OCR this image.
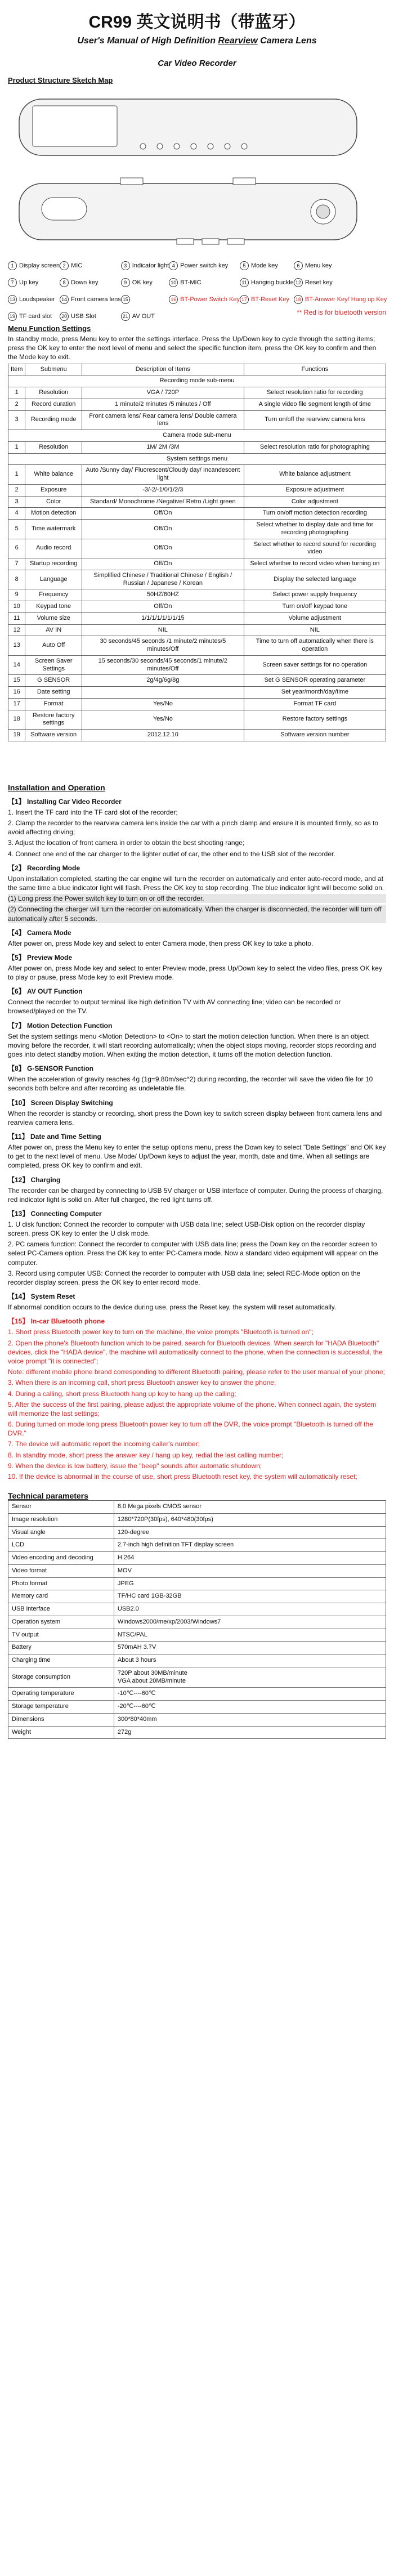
CR99 英文说明书（带蓝牙）
User's Manual of High Definition Rearview Camera Lens
Car Video Recorder
Product Structure Sketch Map
1 Display screen 2 MIC	3 Indicator light 4 Power switch key	5 Mode key	6 Menu key
7 Up key	8 Down key	9 OK key	10 BT-MIC	11 Hanging buckle 12 Reset key
13 Loudspeaker	14 Front camera lens 15	16 BT-Power Switch Key 17 BT-Reset Key	18 BT-Answer Key/ Hang up Key
19 TF card slot	20 USB Slot	21 AV OUT	** Red is for bluetooth version
Menu Function Settings

In standby mode, press Menu key to enter the settings interface. Press the Up/Down key to cycle through the setting items; press the OK key to enter the next level of menu and select the specific function item, press the OK key to confirm and then the Mode key to exit.

Item	Submenu	Description of Items	Functions
Recording mode sub-menu			
1	Resolution	VGA / 720P	Select resolution ratio for recording
2	Record duration	1 minute/2 minutes /5 minutes / Off	A single video file segment length of time
3	Recording mode	Front camera lens/ Rear camera lens/ Double camera lens	Turn on/off the rearview camera lens
Camera mode sub-menu			
1	Resolution	1M/ 2M /3M	Select resolution ratio for photographing
System settings menu			
1	White balance	Auto /Sunny day/ Fluorescent/Cloudy day/ Incandescent light	White balance adjustment
2	Exposure	-3/-2/-1/0/1/2/3	Exposure adjustment
3	Color	Standard/ Monochrome /Negative/ Retro /Light green	Color adjustment
4	Motion detection	Off/On	Turn on/off motion detection recording
5	Time watermark	Off/On	Select whether to display date and time for recording photographing
6	Audio record	Off/On	Select whether to record sound for recording video
7	Startup recording	Off/On	Select whether to record video when turning on
8	Language	Simplified Chinese / Traditional Chinese / English / Russian / Japanese / Korean	Display the selected language
9	Frequency	50HZ/60HZ	Select power supply frequency
10	Keypad tone	Off/On	Turn on/off keypad tone
11	Volume size	1/1/1/1/1/1/1/15	Volume adjustment
12	AV IN	NIL	NIL
13	Auto Off	30 seconds/45 seconds /1 minute/2 minutes/5 minutes/Off	Time to turn off automatically when there is operation
14	Screen Saver Settings	15 seconds/30 seconds/45 seconds/1 minute/2 minutes/Off	Screen saver settings for no operation
15	G SENSOR	2g/4g/6g/8g	Set G SENSOR operating parameter
16	Date setting		Set year/month/day/time
17	Format	Yes/No	Format TF card
18	Restore factory settings	Yes/No	Restore factory settings
19	Software version	2012.12.10	Software version number
Installation and Operation
【1】 Installing Car Video Recorder

1. Insert the TF card into the TF card slot of the recorder;

2. Clamp the recorder to the rearview camera lens inside the car with a pinch clamp and ensure it is mounted firmly, so as to avoid affecting driving;

3. Adjust the location of front camera in order to obtain the best shooting range;

4. Connect one end of the car charger to the lighter outlet of car, the other end to the USB slot of the recorder.

【2】 Recording Mode

Upon installation completed, starting the car engine will turn the recorder on automatically and enter auto-record mode, and at the same time a blue indicator light will flash. Press the OK key to stop recording. The blue indicator light will become solid on.

(1) Long press the Power switch key to turn on or off the recorder.

(2) Connecting the charger will turn the recorder on automatically. When the charger is disconnected, the recorder will turn off automatically after 5 seconds.

【4】 Camera Mode

After power on, press Mode key and select to enter Camera mode, then press OK key to take a photo.

【5】 Preview Mode

After power on, press Mode key and select to enter Preview mode, press Up/Down key to select the video files, press OK key to play or pause, press Mode key to exit Preview mode.

【6】 AV OUT Function

Connect the recorder to output terminal like high definition TV with AV connecting line; video can be recorded or browsed/played on the TV.

【7】 Motion Detection Function

Set the system settings menu <Motion Detection> to <On> to start the motion detection function. When there is an object moving before the recorder, it will start recording automatically; when the object stops moving, recorder stops recording and goes into detect standby motion. When exiting the motion detection, it turns off the motion detection function.

【8】 G-SENSOR Function

When the acceleration of gravity reaches 4g (1g=9.80m/sec^2) during recording, the recorder will save the video file for 10 seconds both before and after recording as undeletable file.

【10】 Screen Display Switching

When the recorder is standby or recording, short press the Down key to switch screen display between front camera lens and rearview camera lens.

【11】 Date and Time Setting

After power on, press the Menu key to enter the setup options menu, press the Down key to select "Date Settings" and OK key to get to the next level of menu. Use Mode/ Up/Down keys to adjust the year, month, date and time. When all settings are completed, press OK key to confirm and exit.

【12】 Charging

The recorder can be charged by connecting to USB 5V charger or USB interface of computer. During the process of charging, red indicator light is solid on. After full charged, the red light turns off.

【13】 Connecting Computer

1. U disk function: Connect the recorder to computer with USB data line; select USB-Disk option on the recorder display screen, press OK key to enter the U disk mode.

2. PC camera function: Connect the recorder to computer with USB data line; press the Down key on the recorder screen to select PC-Camera option. Press the OK key to enter PC-Camera mode. Now a standard video equipment will appear on the computer.

3. Record using computer USB: Connect the recorder to computer with USB data line; select REC-Mode option on the recorder display screen, press the OK key to enter record mode.

【14】 System Reset

If abnormal condition occurs to the device during use, press the Reset key, the system will reset automatically.

【15】 In-car Bluetooth phone

1. Short press Bluetooth power key to turn on the machine, the voice prompts "Bluetooth is turned on";

2. Open the phone's Bluetooth function which to be paired, search for Bluetooth devices. When search for "HADA Bluetooth" devices, click the "HADA device", the machine will automatically connect to the phone, when the connection is successful, the voice prompt "it is connected";

Note: different mobile phone brand corresponding to different Bluetooth pairing, please refer to the user manual of your phone;

3. When there is an incoming call, short press Bluetooth answer key to answer the phone;

4. During a calling, short press Bluetooth hang up key to hang up the calling;

5. After the success of the first pairing, please adjust the appropriate volume of the phone. When connect again, the system will memorize the last settings;

6. During turned on mode long press Bluetooth power key to turn off the DVR, the voice prompt "Bluetooth is turned off the DVR."

7. The device will automatic report the incoming caller's number;

8. In standby mode, short press the answer key / hang up key, redial the last calling number;

9. When the device is low battery, issue the "beep" sounds after automatic shutdown;

10. If the device is abnormal in the course of use, short press Bluetooth reset key, the system will automatically reset;

Technical parameters
Sensor	8.0 Mega pixels CMOS sensor
Image resolution	1280*720P(30fps), 640*480(30fps)
Visual angle	120-degree
LCD	2.7-inch high definition TFT display screen
Video encoding and decoding	H.264
Video format	MOV
Photo format	JPEG
Memory card	TF/HC card 1GB-32GB
USB interface	USB2.0
Operation system	Windows2000/me/xp/2003/Windows7
TV output	NTSC/PAL
Battery	570mAH 3.7V
Charging time	About 3 hours
Storage consumption	720P about 30MB/minute
VGA about 20MB/minute
Operating temperature	-10℃----60℃
Storage temperature	-20℃----60℃
Dimensions	300*80*40mm
Weight	272g
